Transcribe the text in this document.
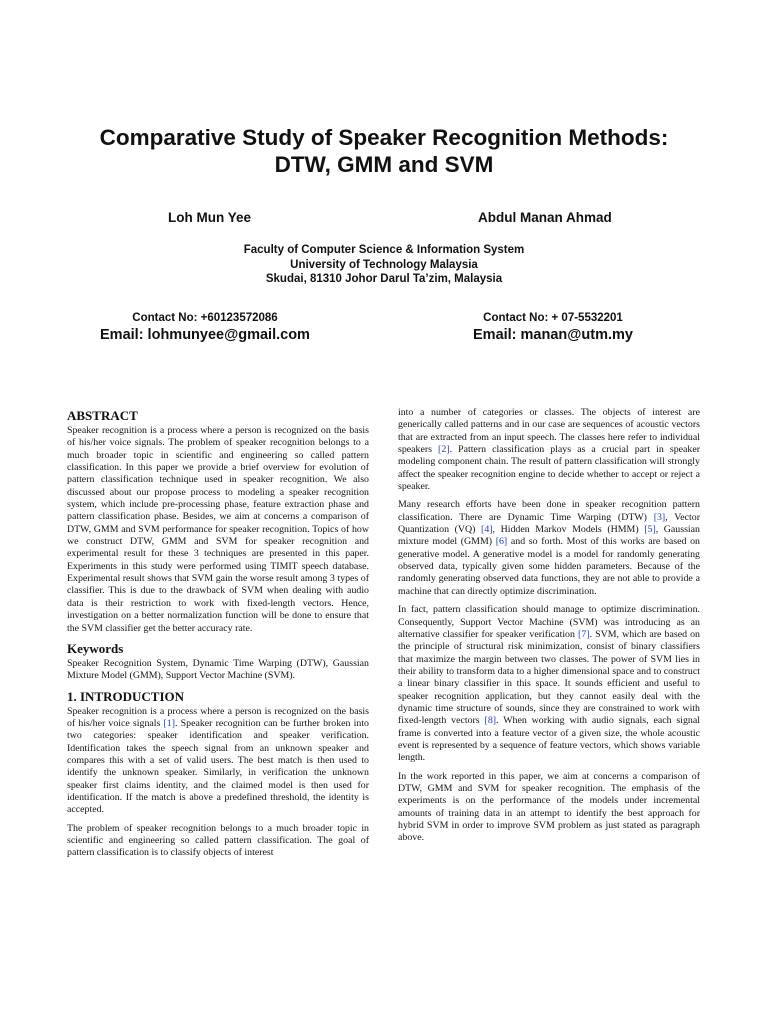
Comparative Study of Speaker Recognition Methods:
DTW, GMM and SVM
Loh Mun Yee	Abdul Manan Ahmad
Faculty of Computer Science & Information System
University of Technology Malaysia
Skudai, 81310 Johor Darul Ta’zim, Malaysia
Contact No: +60123572086
Email: lohmunyee@gmail.com
Contact No: + 07-5532201
Email: manan@utm.my
ABSTRACT

Speaker recognition is a process where a person is recognized on the basis of his/her voice signals. The problem of speaker recognition belongs to a much broader topic in scientific and engineering so called pattern classification. In this paper we provide a brief overview for evolution of pattern classification technique used in speaker recognition. We also discussed about our propose process to modeling a speaker recognition system, which include pre-processing phase, feature extraction phase and pattern classification phase. Besides, we aim at concerns a comparison of DTW, GMM and SVM performance for speaker recognition. Topics of how we construct DTW, GMM and SVM for speaker recognition and experimental result for these 3 techniques are presented in this paper. Experiments in this study were performed using TIMIT speech database. Experimental result shows that SVM gain the worse result among 3 types of classifier. This is due to the drawback of SVM when dealing with audio data is their restriction to work with fixed-length vectors. Hence, investigation on a better normalization function will be done to ensure that the SVM classifier get the better accuracy rate.

Keywords

Speaker Recognition System, Dynamic Time Warping (DTW), Gaussian Mixture Model (GMM), Support Vector Machine (SVM).

1. INTRODUCTION

Speaker recognition is a process where a person is recognized on the basis of his/her voice signals [1]. Speaker recognition can be further broken into two categories: speaker identification and speaker verification. Identification takes the speech signal from an unknown speaker and compares this with a set of valid users. The best match is then used to identify the unknown speaker. Similarly, in verification the unknown speaker first claims identity, and the claimed model is then used for identification. If the match is above a predefined threshold, the identity is accepted.

The problem of speaker recognition belongs to a much broader topic in scientific and engineering so called pattern classification. The goal of pattern classification is to classify objects of interest

into a number of categories or classes. The objects of interest are generically called patterns and in our case are sequences of acoustic vectors that are extracted from an input speech. The classes here refer to individual speakers [2]. Pattern classification plays as a crucial part in speaker modeling component chain. The result of pattern classification will strongly affect the speaker recognition engine to decide whether to accept or reject a speaker.

Many research efforts have been done in speaker recognition pattern classification. There are Dynamic Time Warping (DTW) [3], Vector Quantization (VQ) [4], Hidden Markov Models (HMM) [5], Gaussian mixture model (GMM) [6] and so forth. Most of this works are based on generative model. A generative model is a model for randomly generating observed data, typically given some hidden parameters. Because of the randomly generating observed data functions, they are not able to provide a machine that can directly optimize discrimination.

In fact, pattern classification should manage to optimize discrimination. Consequently, Support Vector Machine (SVM) was introducing as an alternative classifier for speaker verification [7]. SVM, which are based on the principle of structural risk minimization, consist of binary classifiers that maximize the margin between two classes. The power of SVM lies in their ability to transform data to a higher dimensional space and to construct a linear binary classifier in this space. It sounds efficient and useful to speaker recognition application, but they cannot easily deal with the dynamic time structure of sounds, since they are constrained to work with fixed-length vectors [8]. When working with audio signals, each signal frame is converted into a feature vector of a given size, the whole acoustic event is represented by a sequence of feature vectors, which shows variable length.

In the work reported in this paper, we aim at concerns a comparison of DTW, GMM and SVM for speaker recognition. The emphasis of the experiments is on the performance of the models under incremental amounts of training data in an attempt to identify the best approach for hybrid SVM in order to improve SVM problem as just stated as paragraph above.
